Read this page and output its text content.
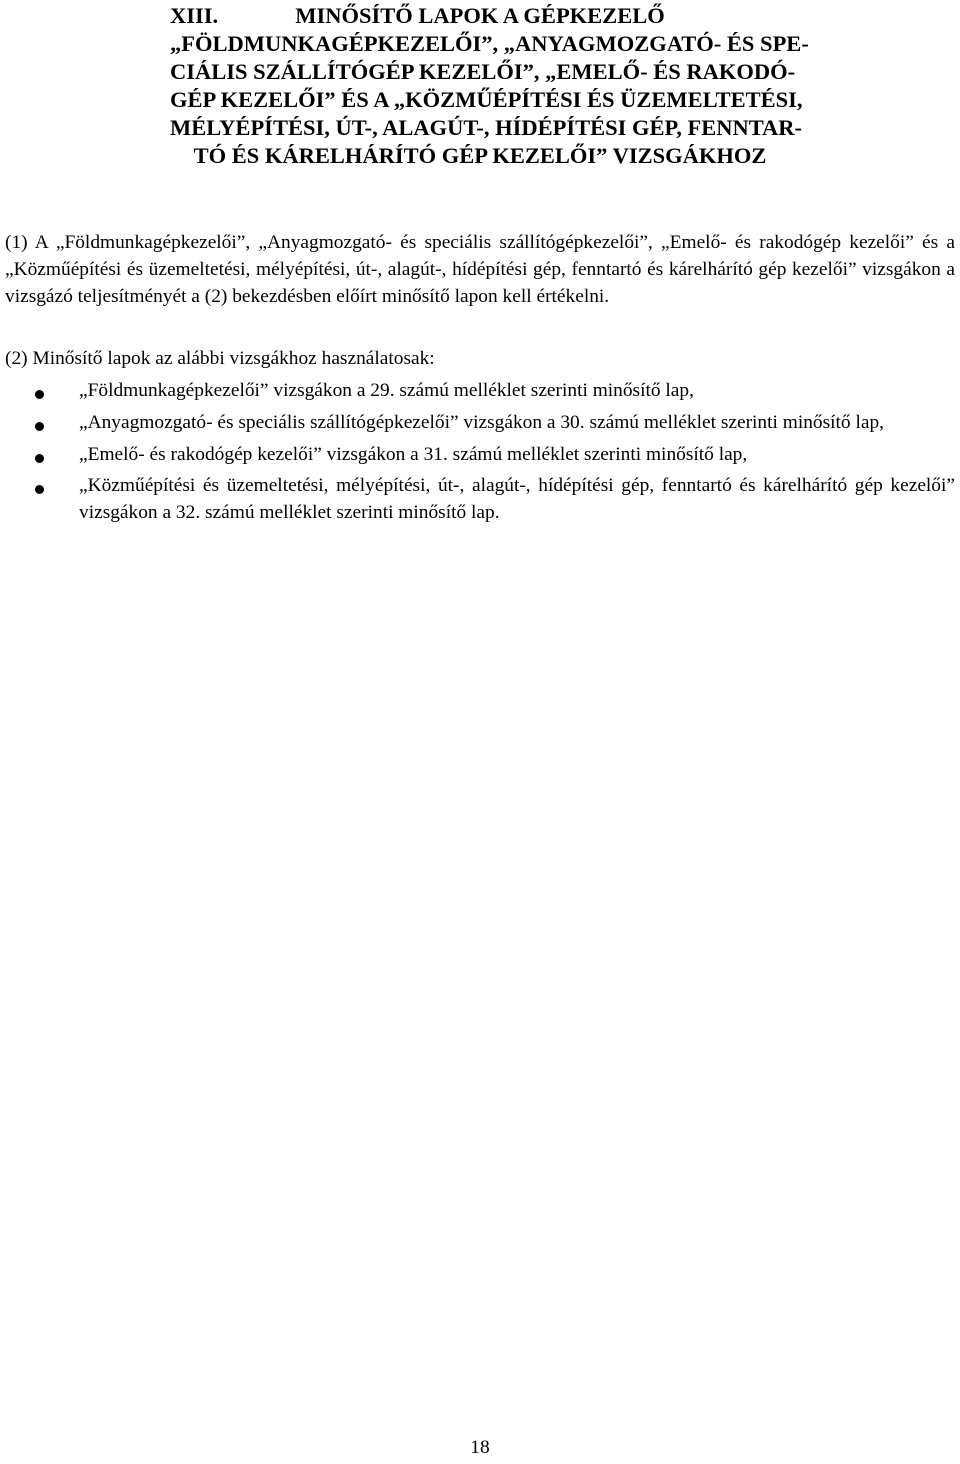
XIII.	MINŐSÍTŐ LAPOK A GÉPKEZELŐ
„FÖLDMUNKAGÉPKEZELŐI”, „ANYAGMOZGATÓ- ÉS SPE-
CIÁLIS SZÁLLÍTÓGÉP KEZELŐI”, „EMELŐ- ÉS RAKODÓ-
GÉP KEZELŐI” ÉS A „KÖZMŰÉPÍTÉSI ÉS ÜZEMELTETÉSI,
MÉLYÉPÍTÉSI, ÚT-, ALAGÚT-, HÍDÉPÍTÉSI GÉP, FENNTAR-
TÓ ÉS KÁRELHÁRÍTÓ GÉP KEZELŐI” VIZSGÁKHOZ

(1) A „Földmunkagépkezelői”, „Anyagmozgató- és speciális szállítógépkezelői”, „Emelő- és rakodógép kezelői” és a „Közműépítési és üzemeltetési, mélyépítési, út-, alagút-, hídépítési gép, fenntartó és kárelhárító gép kezelői” vizsgákon a vizsgázó teljesítményét a (2) bekezdésben előírt minősítő lapon kell értékelni.

(2) Minősítő lapok az alábbi vizsgákhoz használatosak:

„Földmunkagépkezelői” vizsgákon a 29. számú melléklet szerinti minősítő lap,
„Anyagmozgató- és speciális szállítógépkezelői” vizsgákon a 30. számú melléklet szerinti minősítő lap,
„Emelő- és rakodógép kezelői” vizsgákon a 31. számú melléklet szerinti minősítő lap,
„Közműépítési és üzemeltetési, mélyépítési, út-, alagút-, hídépítési gép, fenntartó és kárelhárító gép kezelői” vizsgákon a 32. számú melléklet szerinti minősítő lap.
18
